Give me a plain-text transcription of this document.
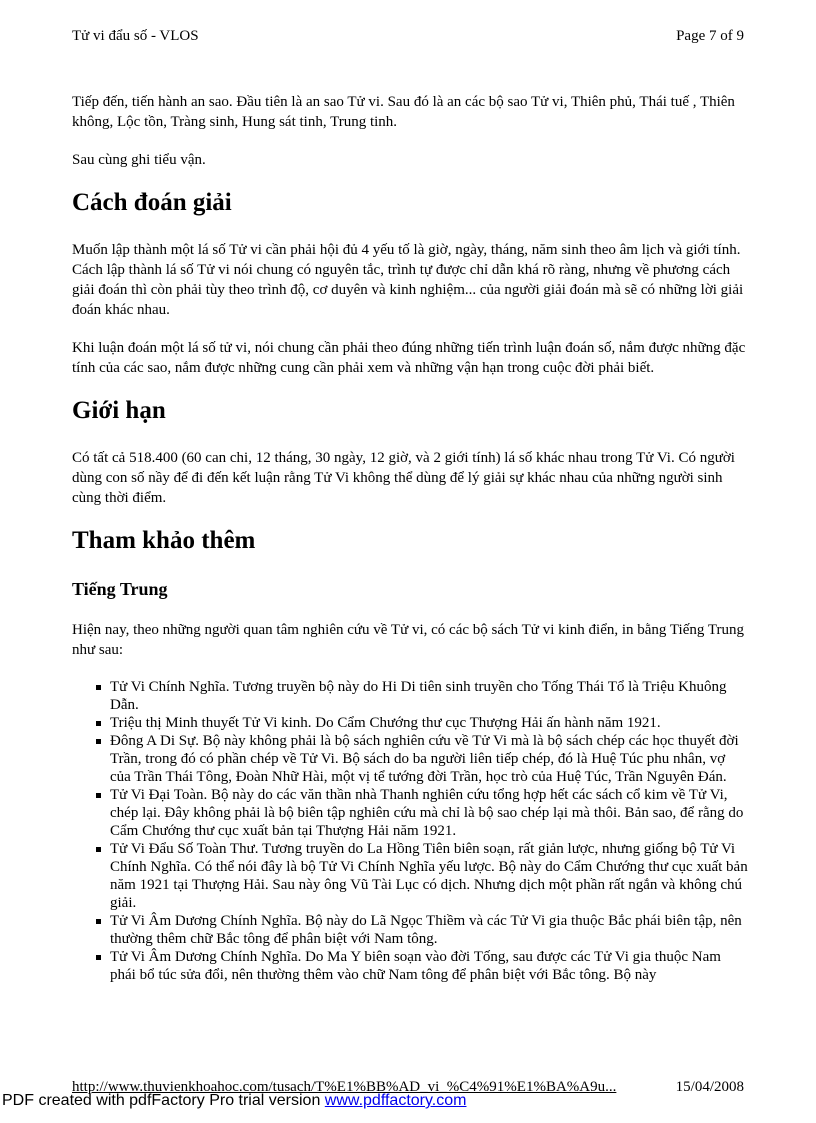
Tử vi đẩu số - VLOS	Page 7 of 9

Tiếp đến, tiến hành an sao. Đầu tiên là an sao Tử vi. Sau đó là an các bộ sao Tử vi, Thiên phủ, Thái tuế , Thiên không, Lộc tồn, Tràng sinh, Hung sát tinh, Trung tinh.

Sau cùng ghi tiểu vận.

Cách đoán giải

Muốn lập thành một lá số Tử vi cần phải hội đủ 4 yếu tố là giờ, ngày, tháng, năm sinh theo âm lịch và giới tính. Cách lập thành lá số Tử vi nói chung có nguyên tắc, trình tự được chỉ dẫn khá rõ ràng, nhưng về phương cách giải đoán thì còn phải tùy theo trình độ, cơ duyên và kinh nghiệm... của người giải đoán mà sẽ có những lời giải đoán khác nhau.

Khi luận đoán một lá số tử vi, nói chung cần phải theo đúng những tiến trình luận đoán số, nắm được những đặc tính của các sao, nắm được những cung cần phải xem và những vận hạn trong cuộc đời phải biết.

Giới hạn

Có tất cả 518.400 (60 can chi, 12 tháng, 30 ngày, 12 giờ, và 2 giới tính) lá số khác nhau trong Tử Vi. Có người dùng con số nầy để đi đến kết luận rằng Tử Vi không thể dùng để lý giải sự khác nhau của những người sinh cùng thời điểm.

Tham khảo thêm
Tiếng Trung

Hiện nay, theo những người quan tâm nghiên cứu về Tử vi, có các bộ sách Tử vi kinh điển, in bằng Tiếng Trung như sau:

Tử Vi Chính Nghĩa. Tương truyền bộ này do Hi Di tiên sinh truyền cho Tống Thái Tổ là Triệu Khuông Dẫn.
Triệu thị Minh thuyết Tử Vi kinh. Do Cẩm Chướng thư cục Thượng Hải ấn hành năm 1921.
Đông A Di Sự. Bộ này không phải là bộ sách nghiên cứu về Tử Vi mà là bộ sách chép các học thuyết đời Trần, trong đó có phần chép về Tử Vi. Bộ sách do ba người liên tiếp chép, đó là Huệ Túc phu nhân, vợ của Trần Thái Tông, Đoàn Nhữ Hài, một vị tể tướng đời Trần, học trò của Huệ Túc, Trần Nguyên Đán.
Tử Vi Đại Toàn. Bộ này do các văn thần nhà Thanh nghiên cứu tổng hợp hết các sách cổ kim về Tử Vi, chép lại. Đây không phải là bộ biên tập nghiên cứu mà chỉ là bộ sao chép lại mà thôi. Bản sao, để rằng do Cẩm Chướng thư cục xuất bản tại Thượng Hải năm 1921.
Tử Vi Đẩu Số Toàn Thư. Tương truyền do La Hồng Tiên biên soạn, rất giản lược, nhưng giống bộ Tử Vi Chính Nghĩa. Có thể nói đây là bộ Tử Vi Chính Nghĩa yếu lược. Bộ này do Cẩm Chướng thư cục xuất bản năm 1921 tại Thượng Hải. Sau này ông Vũ Tài Lục có dịch. Nhưng dịch một phần rất ngắn và không chú giải.
Tử Vi Âm Dương Chính Nghĩa. Bộ này do Lã Ngọc Thiềm và các Tử Vi gia thuộc Bắc phái biên tập, nên thường thêm chữ Bắc tông để phân biệt với Nam tông.
Tử Vi Âm Dương Chính Nghĩa. Do Ma Y biên soạn vào đời Tống, sau được các Tử Vi gia thuộc Nam phái bổ túc sửa đổi, nên thường thêm vào chữ Nam tông để phân biệt với Bắc tông. Bộ này
http://www.thuvienkhoahoc.com/tusach/T%E1%BB%AD_vi_%C4%91%E1%BA%A9u...	15/04/2008
PDF created with pdfFactory Pro trial version www.pdffactory.com
